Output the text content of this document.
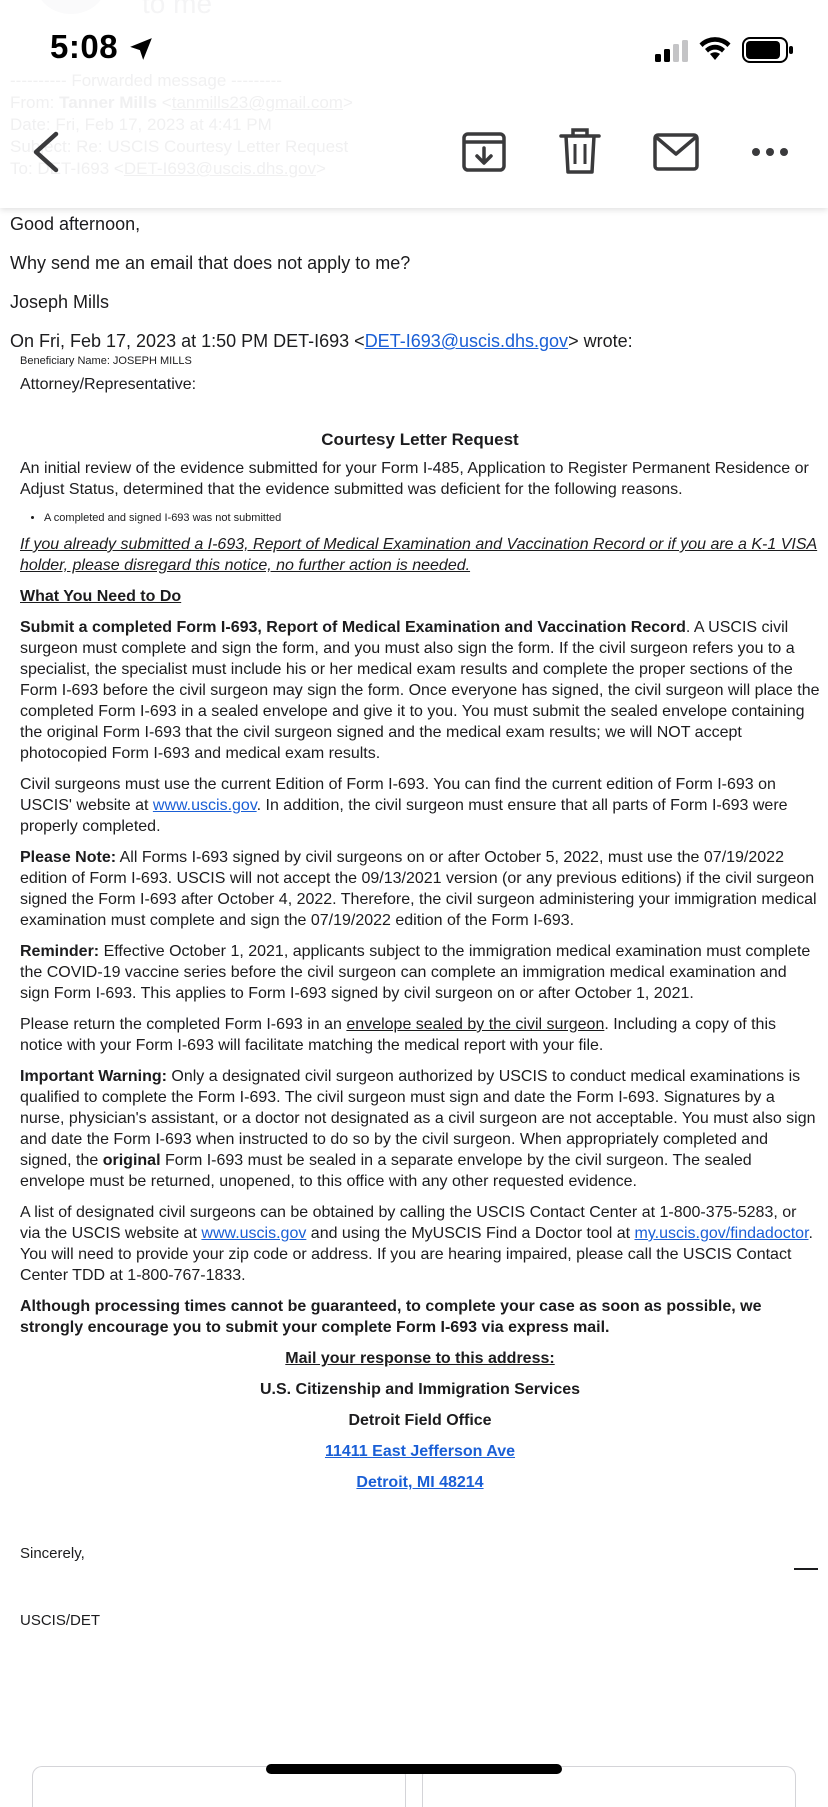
5:08

Good afternoon,

Why send me an email that does not apply to me?

Joseph Mills

On Fri, Feb 17, 2023 at 1:50 PM DET-I693 <DET-I693@uscis.dhs.gov> wrote:

Beneficiary Name: JOSEPH MILLS

Attorney/Representative:

Courtesy Letter Request

An initial review of the evidence submitted for your Form I-485, Application to Register Permanent Residence or Adjust Status, determined that the evidence submitted was deficient for the following reasons.

• A completed and signed I-693 was not submitted

If you already submitted a I-693, Report of Medical Examination and Vaccination Record or if you are a K-1 VISA holder, please disregard this notice, no further action is needed.

What You Need to Do

Submit a completed Form I-693, Report of Medical Examination and Vaccination Record. A USCIS civil surgeon must complete and sign the form, and you must also sign the form. If the civil surgeon refers you to a specialist, the specialist must include his or her medical exam results and complete the proper sections of the Form I-693 before the civil surgeon may sign the form. Once everyone has signed, the civil surgeon will place the completed Form I-693 in a sealed envelope and give it to you. You must submit the sealed envelope containing the original Form I-693 that the civil surgeon signed and the medical exam results; we will NOT accept photocopied Form I-693 and medical exam results.

Civil surgeons must use the current Edition of Form I-693. You can find the current edition of Form I-693 on USCIS' website at www.uscis.gov. In addition, the civil surgeon must ensure that all parts of Form I-693 were properly completed.

Please Note: All Forms I-693 signed by civil surgeons on or after October 5, 2022, must use the 07/19/2022 edition of Form I-693. USCIS will not accept the 09/13/2021 version (or any previous editions) if the civil surgeon signed the Form I-693 after October 4, 2022. Therefore, the civil surgeon administering your immigration medical examination must complete and sign the 07/19/2022 edition of the Form I-693.

Reminder: Effective October 1, 2021, applicants subject to the immigration medical examination must complete the COVID-19 vaccine series before the civil surgeon can complete an immigration medical examination and sign Form I-693. This applies to Form I-693 signed by civil surgeon on or after October 1, 2021.

Please return the completed Form I-693 in an envelope sealed by the civil surgeon. Including a copy of this notice with your Form I-693 will facilitate matching the medical report with your file.

Important Warning: Only a designated civil surgeon authorized by USCIS to conduct medical examinations is qualified to complete the Form I-693. The civil surgeon must sign and date the Form I-693. Signatures by a nurse, physician's assistant, or a doctor not designated as a civil surgeon are not acceptable. You must also sign and date the Form I-693 when instructed to do so by the civil surgeon. When appropriately completed and signed, the original Form I-693 must be sealed in a separate envelope by the civil surgeon. The sealed envelope must be returned, unopened, to this office with any other requested evidence.

A list of designated civil surgeons can be obtained by calling the USCIS Contact Center at 1-800-375-5283, or via the USCIS website at www.uscis.gov and using the MyUSCIS Find a Doctor tool at my.uscis.gov/findadoctor. You will need to provide your zip code or address. If you are hearing impaired, please call the USCIS Contact Center TDD at 1-800-767-1833.

Although processing times cannot be guaranteed, to complete your case as soon as possible, we strongly encourage you to submit your complete Form I-693 via express mail.

Mail your response to this address:

U.S. Citizenship and Immigration Services

Detroit Field Office

11411 East Jefferson Ave

Detroit, MI 48214

Sincerely,

USCIS/DET
